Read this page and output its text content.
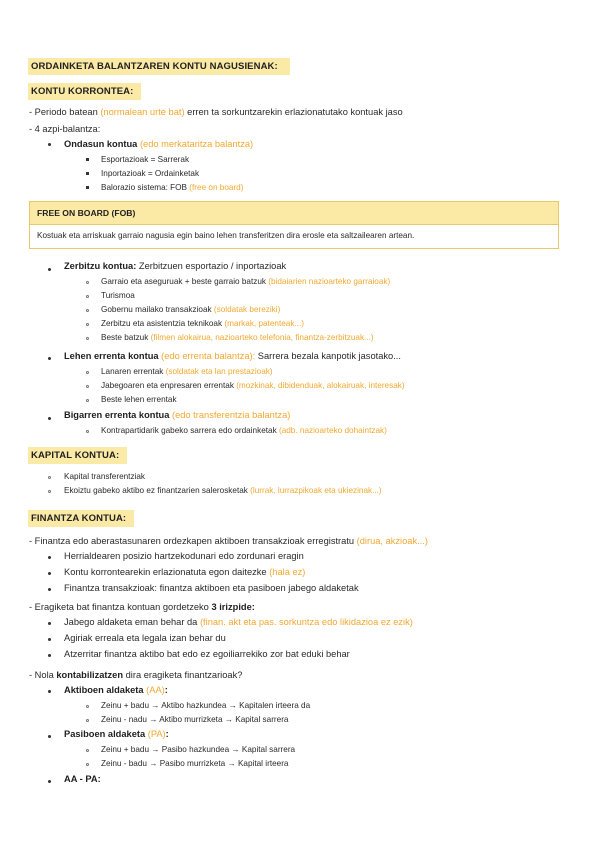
ORDAINKETA BALANTZAREN KONTU NAGUSIENAK:
KONTU KORRONTEA:
- Periodo batean (normalean urte bat) erren ta sorkuntzarekin erlazionatutako kontuak jaso
- 4 azpi-balantza:
Ondasun kontua (edo merkataritza balantza)
Esportazioak = Sarrerak
Inportazioak = Ordainketak
Balorazio sistema: FOB (free on board)
FREE ON BOARD (FOB)
Kostuak eta arriskuak garraio nagusia egin baino lehen transferitzen dira erosle eta saltzailearen artean.
Zerbitzu kontua: Zerbitzuen esportazio / inportazioak
Garraio eta aseguruak + beste garraio batzuk (bidaiarien nazioarteko garraioak)
Turismoa
Gobernu mailako transakzioak (soldatak bereziki)
Zerbitzu eta asistentzia teknikoak (markak, patenteak...)
Beste batzuk (filmen alokairua, nazioarteko telefonia, finantza-zerbitzuak...)
Lehen errenta kontua (edo errenta balantza): Sarrera bezala kanpotik jasotako...
Lanaren errentak (soldatak eta lan prestazioak)
Jabegoaren eta enpresaren errentak (mozkinak, dibidenduak, alokairuak, interesak)
Beste lehen errentak
Bigarren errenta kontua (edo transferentzia balantza)
Kontrapartidarik gabeko sarrera edo ordainketak (adb. nazioarteko dohaintzak)
KAPITAL KONTUA:
Kapital transferentziak
Ekoiztu gabeko aktibo ez finantzarien salerosketak (lurrak, lurrazpikoak eta ukiezinak...)
FINANTZA KONTUA:
- Finantza edo aberastasunaren ordezkapen aktiboen transakzioak erregistratu (dirua, akzioak...)
Herrialdearen posizio hartzekodunari edo zordunari eragin
Kontu korrontearekin erlazionatuta egon daitezke (hala ez)
Finantza transakzioak: finantza aktiboen eta pasiboen jabego aldaketak
- Eragiketa bat finantza kontuan gordetzeko 3 irizpide:
Jabego aldaketa eman behar da (finan. akt eta pas. sorkuntza edo likidazioa ez ezik)
Agiriak erreala eta legala izan behar du
Atzerritar finantza aktibo bat edo ez egoiliarrekiko zor bat eduki behar
- Nola kontabilizatzen dira eragiketa finantzarioak?
Aktiboen aldaketa (AA):
Zeinu + badu → Aktibo hazkundea → Kapitalen irteera da
Zeinu - nadu → Aktibo murrizketa → Kapital sarrera
Pasiboen aldaketa (PA):
Zeinu + badu → Pasibo hazkundea → Kapital sarrera
Zeinu - badu → Pasibo murrizketa → Kapital irteera
AA - PA:
